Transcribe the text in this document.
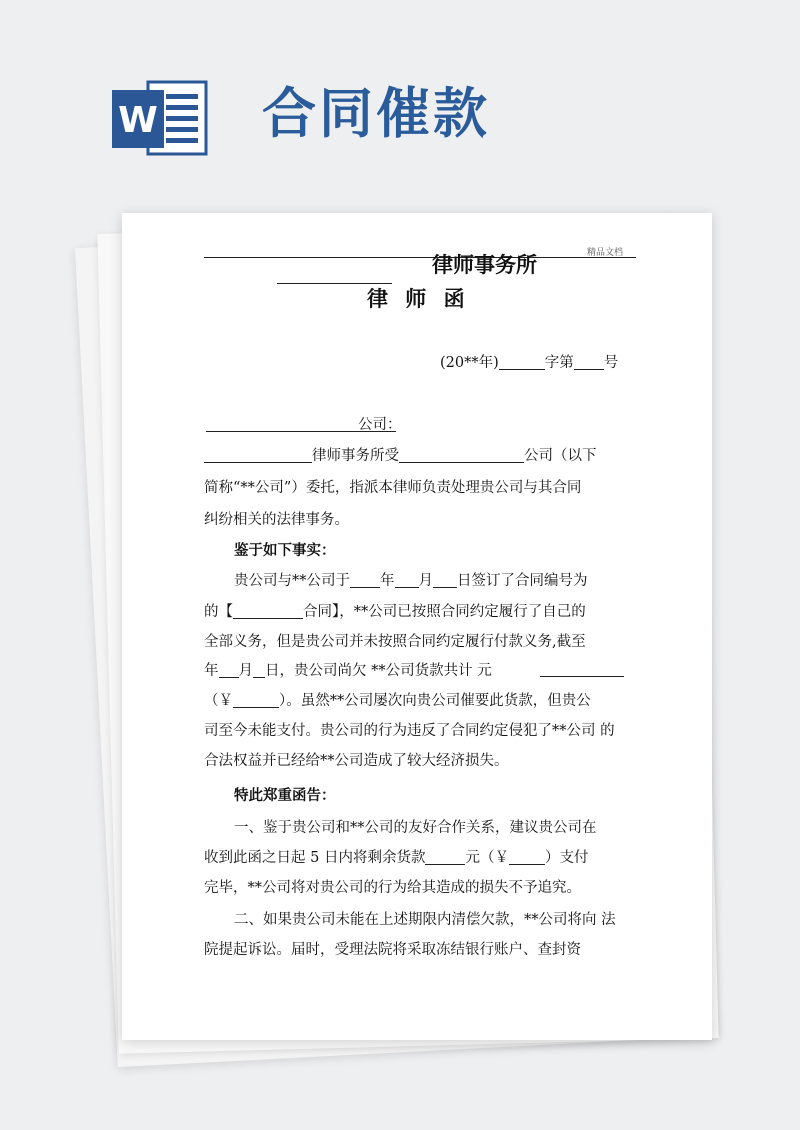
W 合同催款
精品文档
律师事务所
律 师 函
(20**年)	字第 号
公司：
律师事务所受	公司（以下
简称“**公司”）委托，指派本律师负责处理贵公司与其合同
纠纷相关的法律事务。
鉴于如下事实：
贵公司与**公司于 年 月 日签订了合同编号为
的【	合同】，**公司已按照合同约定履行了自己的
全部义务，但是贵公司并未按照合同约定履行付款义务,截至
年 月 日，贵公司尚欠 **公司货款共计 元
（￥	）。虽然**公司屡次向贵公司催要此货款，但贵公
司至今未能支付。贵公司的行为违反了合同约定侵犯了**公司 的
合法权益并已经给**公司造成了较大经济损失。
特此郑重函告：
一、鉴于贵公司和**公司的友好合作关系，建议贵公司在
收到此函之日起 5 日内将剩余货款	元（￥ ）支付
完毕，**公司将对贵公司的行为给其造成的损失不予追究。
二、如果贵公司未能在上述期限内清偿欠款，**公司将向 法
院提起诉讼。届时，受理法院将采取冻结银行账户、查封资
